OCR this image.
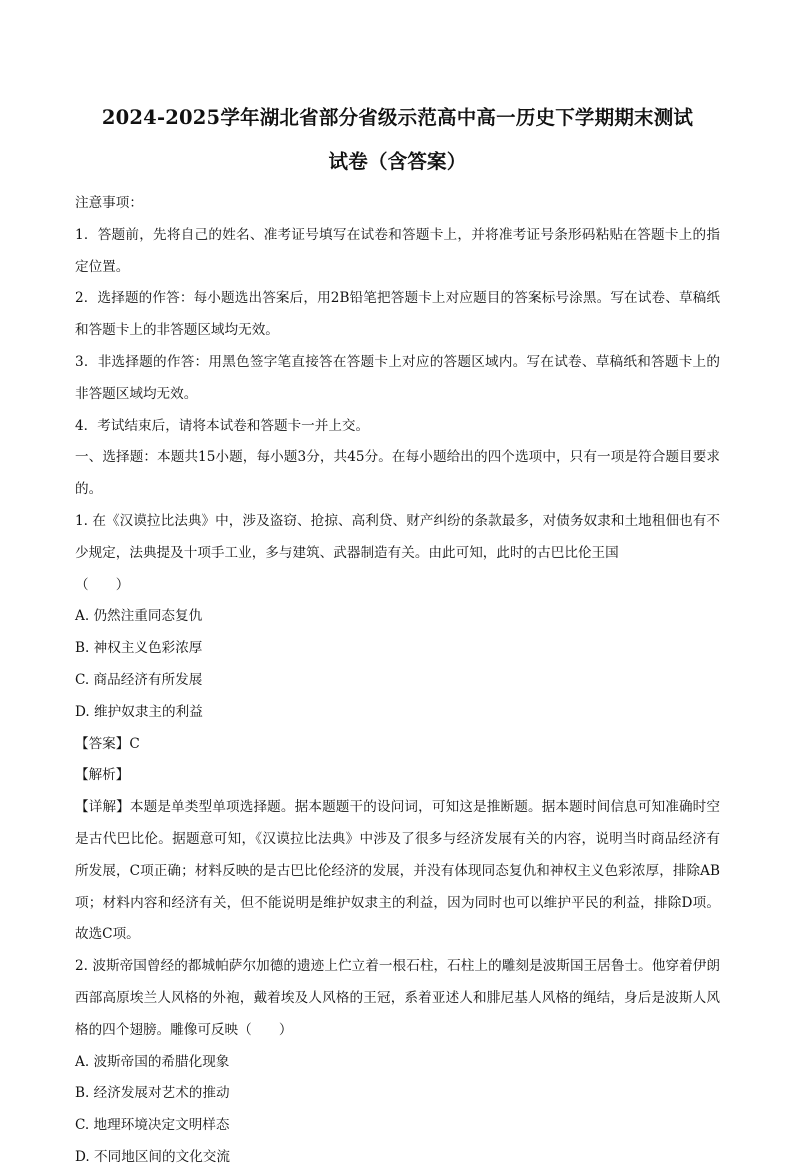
2024-2025学年湖北省部分省级示范高中高一历史下学期期末测试
试卷（含答案）

注意事项：

1．答题前，先将自己的姓名、准考证号填写在试卷和答题卡上，并将准考证号条形码粘贴在答题卡上的指定位置。

2．选择题的作答：每小题选出答案后，用2B铅笔把答题卡上对应题目的答案标号涂黑。写在试卷、草稿纸和答题卡上的非答题区域均无效。

3．非选择题的作答：用黑色签字笔直接答在答题卡上对应的答题区域内。写在试卷、草稿纸和答题卡上的非答题区域均无效。

4．考试结束后，请将本试卷和答题卡一并上交。

一、选择题：本题共15小题，每小题3分，共45分。在每小题给出的四个选项中，只有一项是符合题目要求的。

1. 在《汉谟拉比法典》中，涉及盗窃、抢掠、高利贷、财产纠纷的条款最多，对债务奴隶和土地租佃也有不少规定，法典提及十项手工业，多与建筑、武器制造有关。由此可知，此时的古巴比伦王国

（　　）

A. 仍然注重同态复仇
B. 神权主义色彩浓厚
C. 商品经济有所发展
D. 维护奴隶主的利益

【答案】C

【解析】

【详解】本题是单类型单项选择题。据本题题干的设问词，可知这是推断题。据本题时间信息可知准确时空是古代巴比伦。据题意可知，《汉谟拉比法典》中涉及了很多与经济发展有关的内容，说明当时商品经济有所发展，C项正确；材料反映的是古巴比伦经济的发展，并没有体现同态复仇和神权主义色彩浓厚，排除AB项；材料内容和经济有关，但不能说明是维护奴隶主的利益，因为同时也可以维护平民的利益，排除D项。故选C项。

2. 波斯帝国曾经的都城帕萨尔加德的遗迹上伫立着一根石柱，石柱上的雕刻是波斯国王居鲁士。他穿着伊朗西部高原埃兰人风格的外袍，戴着埃及人风格的王冠，系着亚述人和腓尼基人风格的绳结，身后是波斯人风格的四个翅膀。雕像可反映（　　）

A. 波斯帝国的希腊化现象
B. 经济发展对艺术的推动
C. 地理环境决定文明样态
D. 不同地区间的文化交流
